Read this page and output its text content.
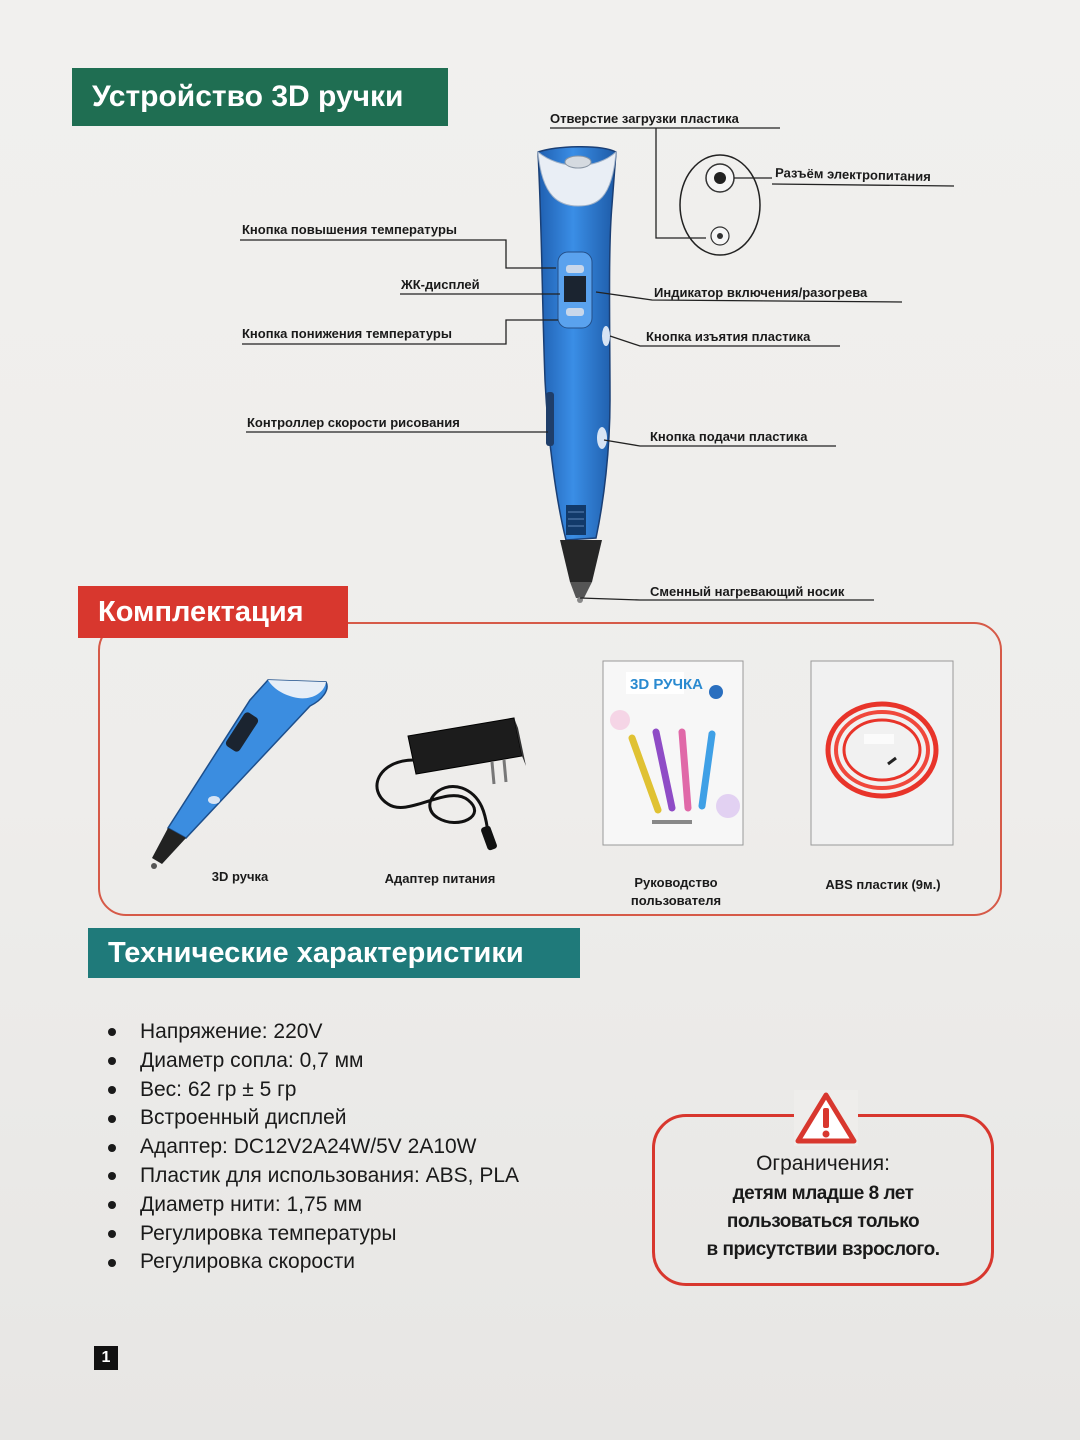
Устройство 3D ручки
Отверстие загрузки пластика
Разъём электропитания
Кнопка повышения температуры
ЖК-дисплей
Индикатор включения/разогрева
Кнопка понижения температуры	Кнопка изъятия пластика
Контроллер скорости рисования
Кнопка подачи пластика
Сменный нагревающий носик
Комплектация
3D ручка	Адаптер питания
3D РУЧКА
Руководство
пользователя
ABS пластик (9м.)
Технические характеристики
Напряжение: 220V
Диаметр сопла: 0,7 мм
Вес: 62 гр ± 5 гр
Встроенный дисплей
Адаптер: DC12V2A24W/5V 2A10W
Пластик для использования: ABS, PLA
Диаметр нити: 1,75 мм
Регулировка температуры
Регулировка скорости
Ограничения:
детям младше 8 лет
пользоваться только
в присутствии взрослого.
1
